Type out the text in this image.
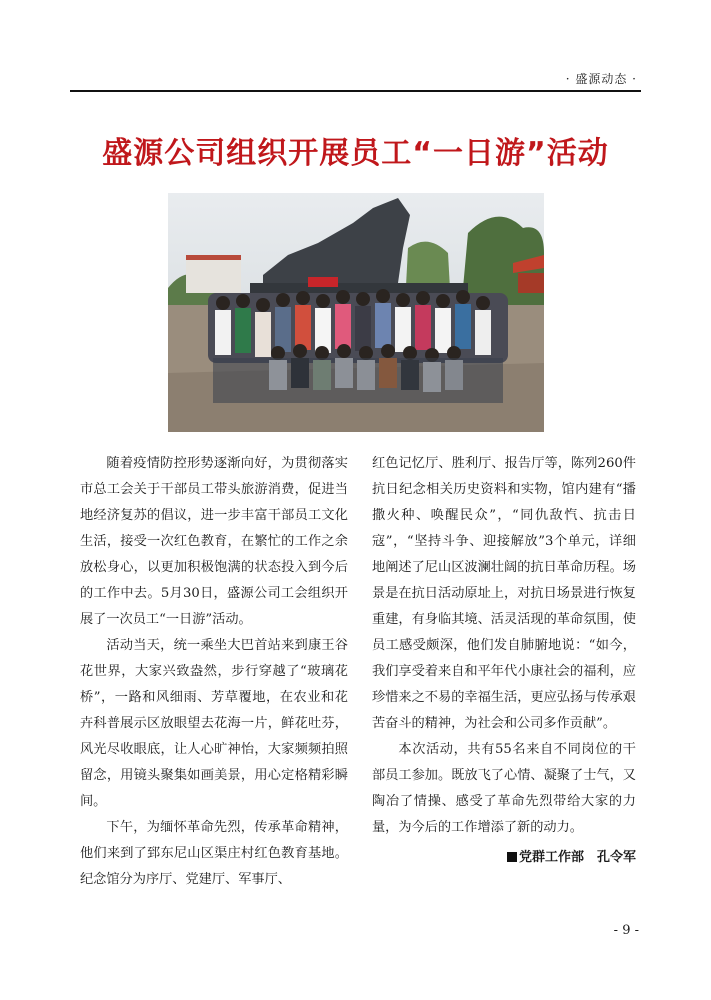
· 盛源动态 ·
盛源公司组织开展员工“一日游”活动

随着疫情防控形势逐渐向好，为贯彻落实市总工会关于干部员工带头旅游消费，促进当地经济复苏的倡议，进一步丰富干部员工文化生活，接受一次红色教育，在繁忙的工作之余放松身心，以更加积极饱满的状态投入到今后的工作中去。5月30日，盛源公司工会组织开展了一次员工“一日游”活动。

活动当天，统一乘坐大巴首站来到康王谷花世界，大家兴致盎然，步行穿越了“玻璃花桥”，一路和风细雨、芳草覆地，在农业和花卉科普展示区放眼望去花海一片，鲜花吐芬，风光尽收眼底，让人心旷神怡，大家频频拍照留念，用镜头聚集如画美景，用心定格精彩瞬间。

下午，为缅怀革命先烈，传承革命精神，他们来到了郅东尼山区渠庄村红色教育基地。纪念馆分为序厅、党建厅、军事厅、

红色记忆厅、胜利厅、报告厅等，陈列260件抗日纪念相关历史资料和实物，馆内建有“播撒火种、唤醒民众”，“同仇敌忾、抗击日寇”，“坚持斗争、迎接解放”3个单元，详细地阐述了尼山区波澜壮阔的抗日革命历程。场景是在抗日活动原址上，对抗日场景进行恢复重建，有身临其境、活灵活现的革命氛围，使员工感受颇深，他们发自肺腑地说：“如今，我们享受着来自和平年代小康社会的福利，应珍惜来之不易的幸福生活，更应弘扬与传承艰苦奋斗的精神，为社会和公司多作贡献”。

本次活动，共有55名来自不同岗位的干部员工参加。既放飞了心情、凝聚了士气，又陶冶了情操、感受了革命先烈带给大家的力量，为今后的工作增添了新的动力。

党群工作部　孔令军

- 9 -
